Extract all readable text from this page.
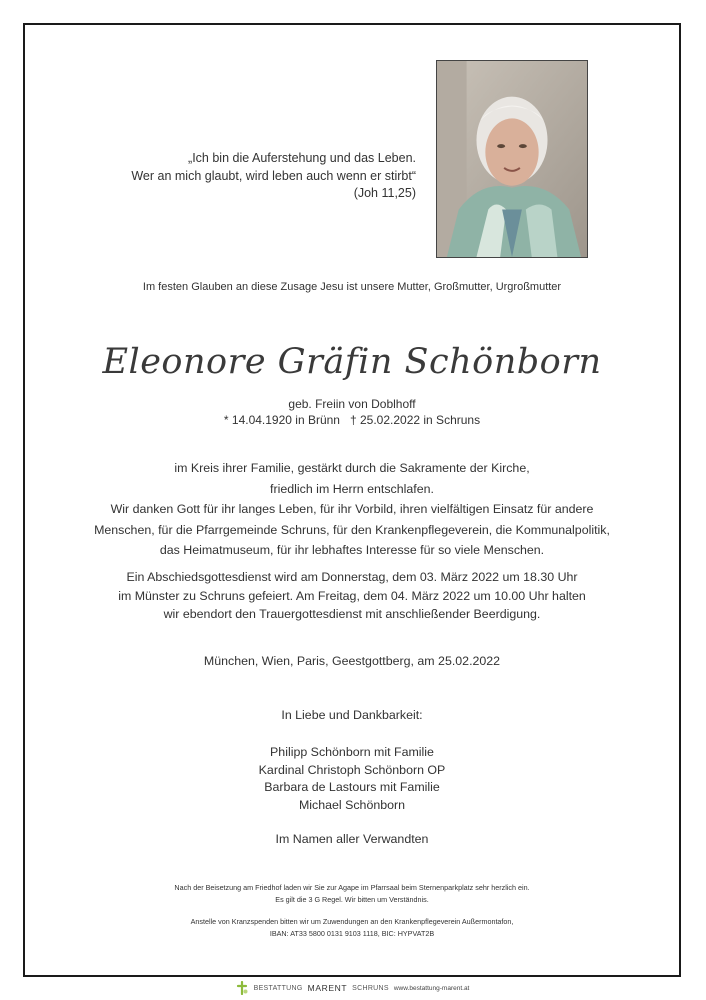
„Ich bin die Auferstehung und das Leben.
Wer an mich glaubt, wird leben auch wenn er stirbt“
(Joh 11,25)
Im festen Glauben an diese Zusage Jesu ist unsere Mutter, Großmutter, Urgroßmutter
Eleonore Gräfin Schönborn
geb. Freiin von Doblhoff
* 14.04.1920 in Brünn   † 25.02.2022 in Schruns
im Kreis ihrer Familie, gestärkt durch die Sakramente der Kirche,
friedlich im Herrn entschlafen.
Wir danken Gott für ihr langes Leben, für ihr Vorbild, ihren vielfältigen Einsatz für andere
Menschen, für die Pfarrgemeinde Schruns, für den Krankenpflegeverein, die Kommunalpolitik,
das Heimatmuseum, für ihr lebhaftes Interesse für so viele Menschen.
Ein Abschiedsgottesdienst wird am Donnerstag, dem 03. März 2022 um 18.30 Uhr
im Münster zu Schruns gefeiert. Am Freitag, dem 04. März 2022 um 10.00 Uhr halten
wir ebendort den Trauergottesdienst mit anschließender Beerdigung.
München, Wien, Paris, Geestgottberg, am 25.02.2022
In Liebe und Dankbarkeit:
Philipp Schönborn mit Familie
Kardinal Christoph Schönborn OP
Barbara de Lastours mit Familie
Michael Schönborn
Im Namen aller Verwandten
Nach der Beisetzung am Friedhof laden wir Sie zur Agape im Pfarrsaal beim Sternenparkplatz sehr herzlich ein.
Es gilt die 3 G Regel. Wir bitten um Verständnis.
Anstelle von Kranzspenden bitten wir um Zuwendungen an den Krankenpflegeverein Außermontafon,
IBAN: AT33 5800 0131 9103 1118, BIC: HYPVAT2B
BESTATTUNG MARENT SCHRUNS www.bestattung-marent.at
